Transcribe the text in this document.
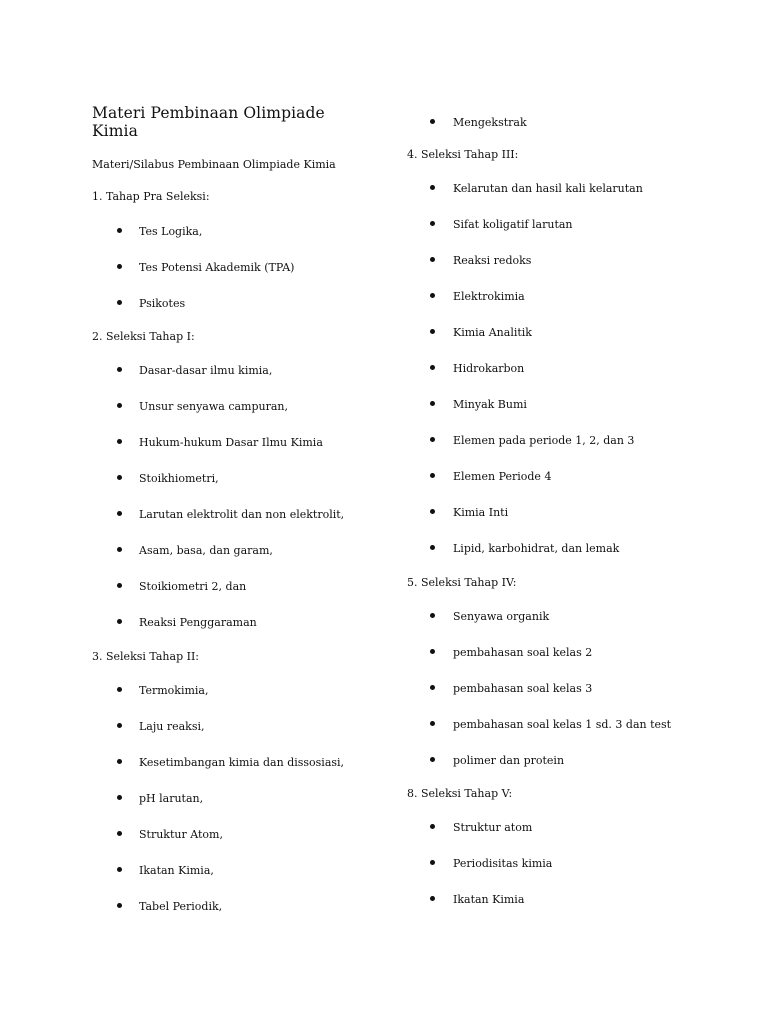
Materi Pembinaan Olimpiade Kimia
Materi/Silabus Pembinaan Olimpiade Kimia
1. Tahap Pra Seleksi:
Tes Logika,
Tes Potensi Akademik (TPA)
Psikotes
2. Seleksi Tahap I:
Dasar-dasar ilmu kimia,
Unsur senyawa campuran,
Hukum-hukum Dasar Ilmu Kimia
Stoikhiometri,
Larutan elektrolit dan non elektrolit,
Asam, basa, dan garam,
Stoikiometri 2, dan
Reaksi Penggaraman
3. Seleksi Tahap II:
Termokimia,
Laju reaksi,
Kesetimbangan kimia dan dissosiasi,
pH larutan,
Struktur Atom,
Ikatan Kimia,
Tabel Periodik,
Mengekstrak
4. Seleksi Tahap III:
Kelarutan dan hasil kali kelarutan
Sifat koligatif larutan
Reaksi redoks
Elektrokimia
Kimia Analitik
Hidrokarbon
Minyak Bumi
Elemen pada periode 1, 2, dan 3
Elemen Periode 4
Kimia Inti
Lipid, karbohidrat, dan lemak
5. Seleksi Tahap IV:
Senyawa organik
pembahasan soal kelas 2
pembahasan soal kelas 3
pembahasan soal kelas 1 sd. 3 dan test
polimer dan protein
8. Seleksi Tahap V:
Struktur atom
Periodisitas kimia
Ikatan Kimia
